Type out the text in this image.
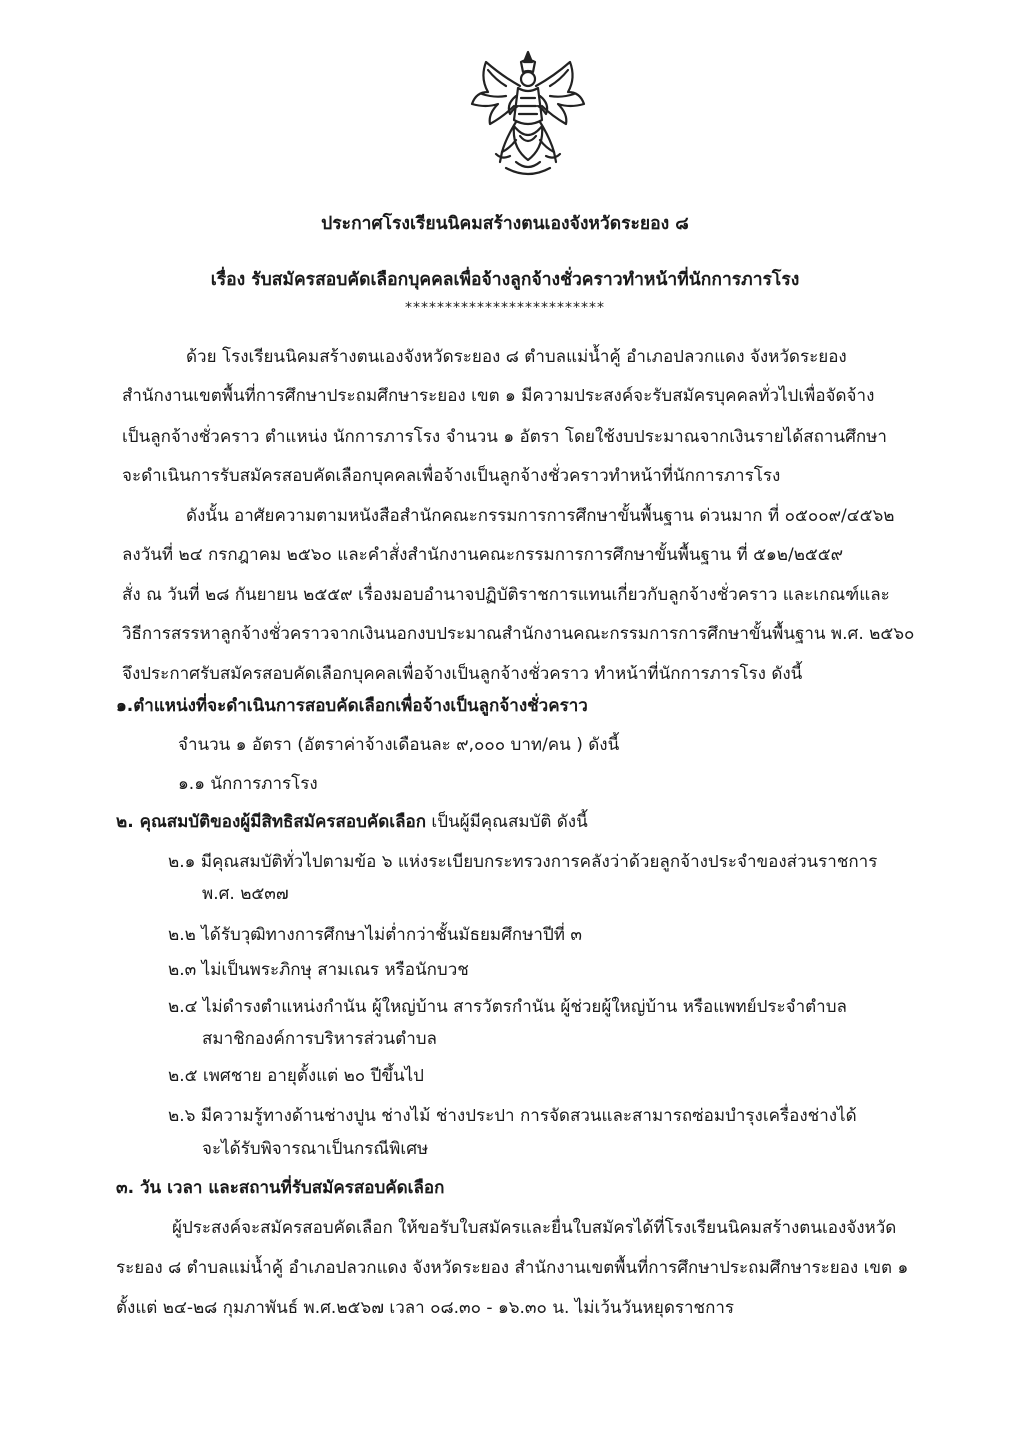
ประกาศโรงเรียนนิคมสร้างตนเองจังหวัดระยอง ๘
เรื่อง รับสมัครสอบคัดเลือกบุคคลเพื่อจ้างลูกจ้างชั่วคราวทำหน้าที่นักการภารโรง
*************************
ด้วย โรงเรียนนิคมสร้างตนเองจังหวัดระยอง ๘ ตำบลแม่น้ำคู้ อำเภอปลวกแดง จังหวัดระยอง
สำนักงานเขตพื้นที่การศึกษาประถมศึกษาระยอง เขต ๑ มีความประสงค์จะรับสมัครบุคคลทั่วไปเพื่อจัดจ้าง
เป็นลูกจ้างชั่วคราว ตำแหน่ง นักการภารโรง จำนวน ๑ อัตรา โดยใช้งบประมาณจากเงินรายได้สถานศึกษา
จะดำเนินการรับสมัครสอบคัดเลือกบุคคลเพื่อจ้างเป็นลูกจ้างชั่วคราวทำหน้าที่นักการภารโรง
ดังนั้น อาศัยความตามหนังสือสำนักคณะกรรมการการศึกษาขั้นพื้นฐาน ด่วนมาก ที่ ๐๕๐๐๙/๔๕๖๒
ลงวันที่ ๒๔ กรกฎาคม ๒๕๖๐ และคำสั่งสำนักงานคณะกรรมการการศึกษาขั้นพื้นฐาน ที่ ๕๑๒/๒๕๕๙
สั่ง ณ วันที่ ๒๘ กันยายน ๒๕๕๙ เรื่องมอบอำนาจปฏิบัติราชการแทนเกี่ยวกับลูกจ้างชั่วคราว และเกณฑ์และ
วิธีการสรรหาลูกจ้างชั่วคราวจากเงินนอกงบประมาณสำนักงานคณะกรรมการการศึกษาขั้นพื้นฐาน พ.ศ. ๒๕๖๐
จึงประกาศรับสมัครสอบคัดเลือกบุคคลเพื่อจ้างเป็นลูกจ้างชั่วคราว ทำหน้าที่นักการภารโรง ดังนี้
๑.ตำแหน่งที่จะดำเนินการสอบคัดเลือกเพื่อจ้างเป็นลูกจ้างชั่วคราว
จำนวน ๑ อัตรา (อัตราค่าจ้างเดือนละ ๙,๐๐๐ บาท/คน ) ดังนี้
๑.๑ นักการภารโรง
๒. คุณสมบัติของผู้มีสิทธิสมัครสอบคัดเลือก เป็นผู้มีคุณสมบัติ ดังนี้
๒.๑ มีคุณสมบัติทั่วไปตามข้อ ๖ แห่งระเบียบกระทรวงการคลังว่าด้วยลูกจ้างประจำของส่วนราชการ
พ.ศ. ๒๕๓๗
๒.๒ ได้รับวุฒิทางการศึกษาไม่ต่ำกว่าชั้นมัธยมศึกษาปีที่ ๓
๒.๓ ไม่เป็นพระภิกษุ สามเณร หรือนักบวช
๒.๔ ไม่ดำรงตำแหน่งกำนัน ผู้ใหญ่บ้าน สารวัตรกำนัน ผู้ช่วยผู้ใหญ่บ้าน หรือแพทย์ประจำตำบล
สมาชิกองค์การบริหารส่วนตำบล
๒.๕ เพศชาย อายุตั้งแต่ ๒๐ ปีขึ้นไป
๒.๖ มีความรู้ทางด้านช่างปูน ช่างไม้ ช่างประปา การจัดสวนและสามารถซ่อมบำรุงเครื่องช่างได้
จะได้รับพิจารณาเป็นกรณีพิเศษ
๓. วัน เวลา และสถานที่รับสมัครสอบคัดเลือก
ผู้ประสงค์จะสมัครสอบคัดเลือก ให้ขอรับใบสมัครและยื่นใบสมัครได้ที่โรงเรียนนิคมสร้างตนเองจังหวัด
ระยอง ๘ ตำบลแม่น้ำคู้ อำเภอปลวกแดง จังหวัดระยอง สำนักงานเขตพื้นที่การศึกษาประถมศึกษาระยอง เขต ๑
ตั้งแต่ ๒๔-๒๘ กุมภาพันธ์ พ.ศ.๒๕๖๗ เวลา ๐๘.๓๐ - ๑๖.๓๐ น. ไม่เว้นวันหยุดราชการ
